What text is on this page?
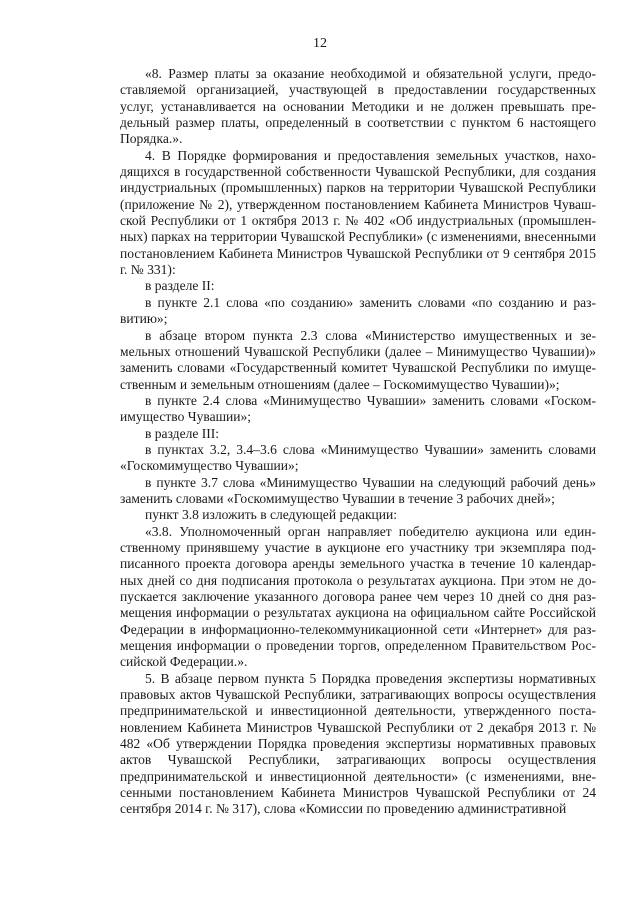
12

«8. Размер платы за оказание необходимой и обязательной услуги, предоставляемой организацией, участвующей в предоставлении государственных услуг, устанавливается на основании Методики и не должен превышать предельный размер платы, определенный в соответствии с пунктом 6 настоящего Порядка.».

4. В Порядке формирования и предоставления земельных участков, находящихся в государственной собственности Чувашской Республики, для создания индустриальных (промышленных) парков на территории Чувашской Республики (приложение № 2), утвержденном постановлением Кабинета Министров Чувашской Республики от 1 октября 2013 г. № 402 «Об индустриальных (промышленных) парках на территории Чувашской Республики» (с изменениями, внесенными постановлением Кабинета Министров Чувашской Республики от 9 сентября 2015 г. № 331):

в разделе II:

в пункте 2.1 слова «по созданию» заменить словами «по созданию и развитию»;

в абзаце втором пункта 2.3 слова «Министерство имущественных и земельных отношений Чувашской Республики (далее – Минимущество Чувашии)» заменить словами «Государственный комитет Чувашской Республики по имущественным и земельным отношениям (далее – Госкомимущество Чувашии)»;

в пункте 2.4 слова «Минимущество Чувашии» заменить словами «Госкомимущество Чувашии»;

в разделе III:

в пунктах 3.2, 3.4–3.6 слова «Минимущество Чувашии» заменить словами «Госкомимущество Чувашии»;

в пункте 3.7 слова «Минимущество Чувашии на следующий рабочий день» заменить словами «Госкомимущество Чувашии в течение 3 рабочих дней»;

пункт 3.8 изложить в следующей редакции:

«3.8. Уполномоченный орган направляет победителю аукциона или единственному принявшему участие в аукционе его участнику три экземпляра подписанного проекта договора аренды земельного участка в течение 10 календарных дней со дня подписания протокола о результатах аукциона. При этом не допускается заключение указанного договора ранее чем через 10 дней со дня размещения информации о результатах аукциона на официальном сайте Российской Федерации в информационно-телекоммуникационной сети «Интернет» для размещения информации о проведении торгов, определенном Правительством Российской Федерации.».

5. В абзаце первом пункта 5 Порядка проведения экспертизы нормативных правовых актов Чувашской Республики, затрагивающих вопросы осуществления предпринимательской и инвестиционной деятельности, утвержденного постановлением Кабинета Министров Чувашской Республики от 2 декабря 2013 г. № 482 «Об утверждении Порядка проведения экспертизы нормативных правовых актов Чувашской Республики, затрагивающих вопросы осуществления предпринимательской и инвестиционной деятельности» (с изменениями, внесенными постановлением Кабинета Министров Чувашской Республики от 24 сентября 2014 г. № 317), слова «Комиссии по проведению административной
